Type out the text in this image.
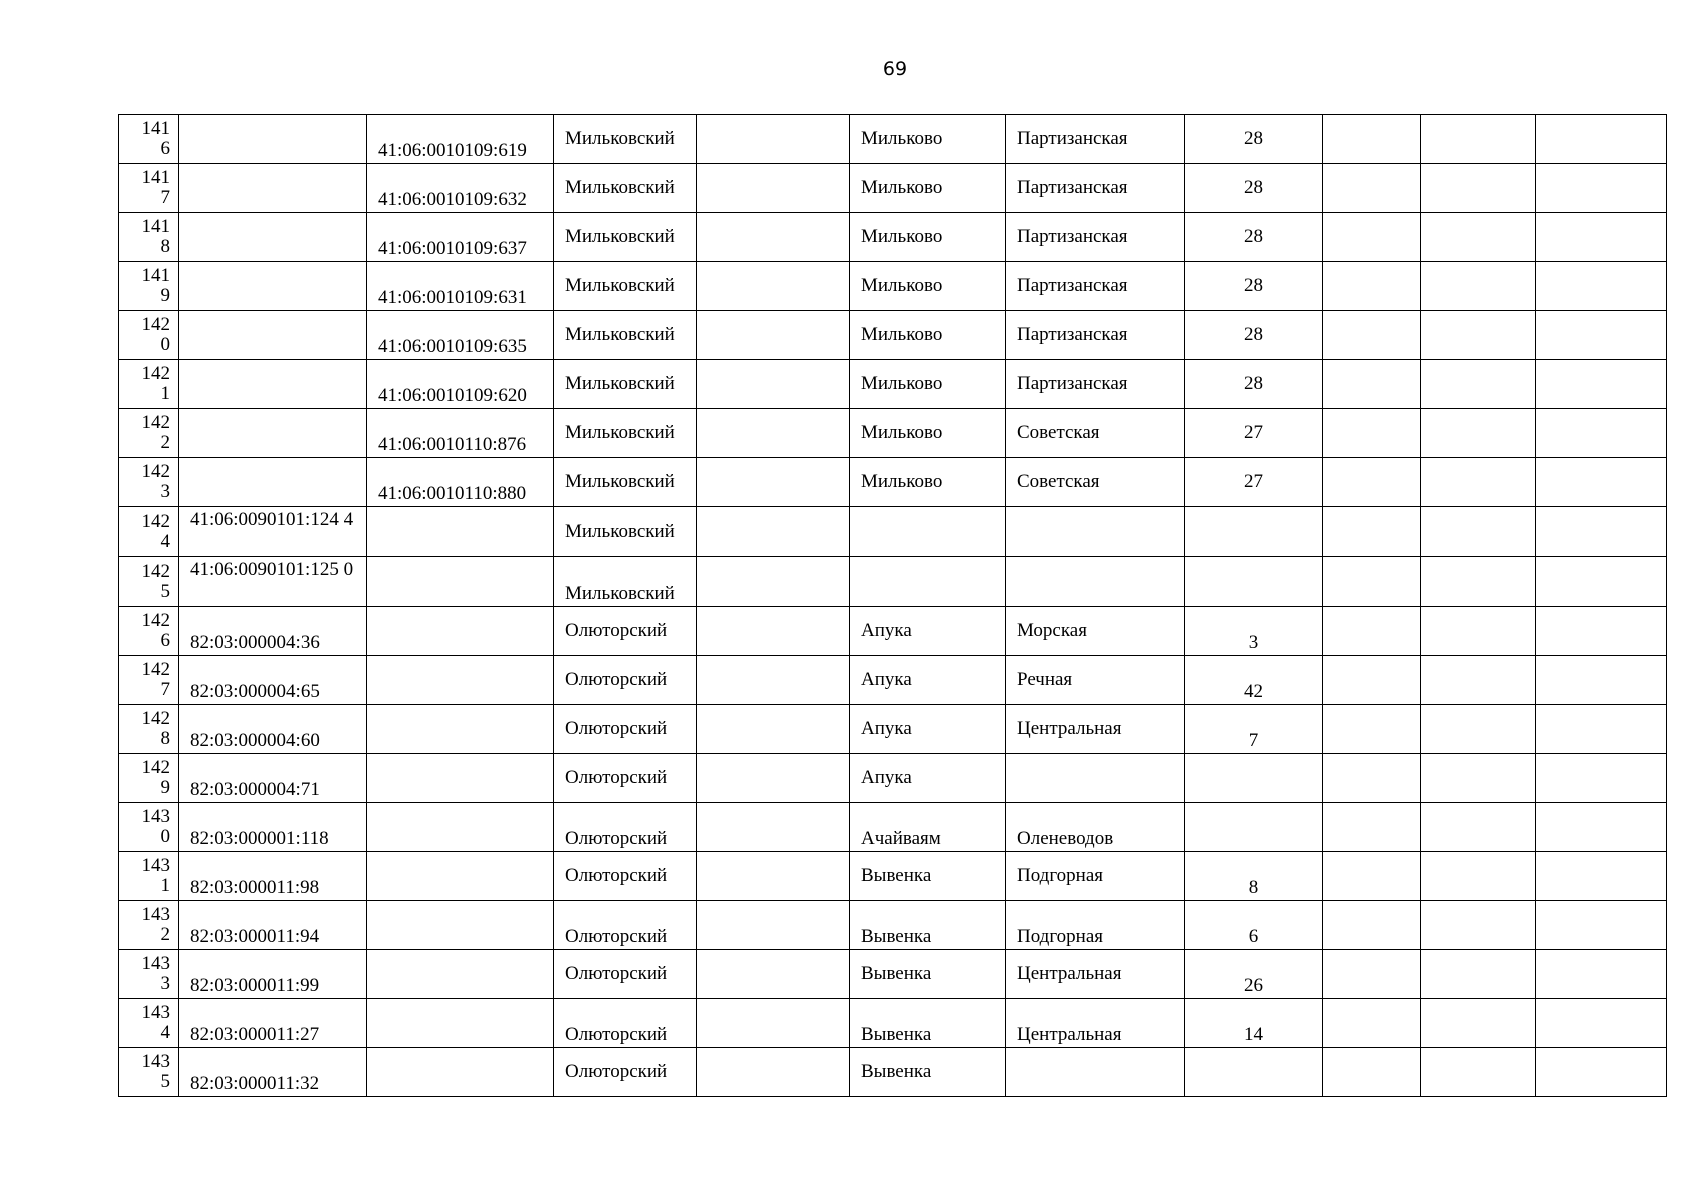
69
141
6		41:06:0010109:619	Мильковский		Мильково	Партизанская	28			

141
7		41:06:0010109:632	Мильковский		Мильково	Партизанская	28			

141
8		41:06:0010109:637	Мильковский		Мильково	Партизанская	28			

141
9		41:06:0010109:631	Мильковский		Мильково	Партизанская	28			

142
0		41:06:0010109:635	Мильковский		Мильково	Партизанская	28			

142
1		41:06:0010109:620	Мильковский		Мильково	Партизанская	28			

142
2		41:06:0010110:876	Мильковский		Мильково	Советская	27			

142
3		41:06:0010110:880	Мильковский		Мильково	Советская	27			

142
4	41:06:0090101:124 4		Мильковский							

142
5	41:06:0090101:125 0		Мильковский							

142
6	82:03:000004:36		Олюторский		Апука	Морская	3			

142
7	82:03:000004:65		Олюторский		Апука	Речная	42			

142
8	82:03:000004:60		Олюторский		Апука	Центральная	7			

142
9	82:03:000004:71		Олюторский		Апука					

143
0	82:03:000001:118		Олюторский		Ачайваям	Оленеводов				

143
1	82:03:000011:98		Олюторский		Вывенка	Подгорная	8			

143
2	82:03:000011:94		Олюторский		Вывенка	Подгорная	6			

143
3	82:03:000011:99		Олюторский		Вывенка	Центральная	26			

143
4	82:03:000011:27		Олюторский		Вывенка	Центральная	14			

143
5	82:03:000011:32		Олюторский		Вывенка					
